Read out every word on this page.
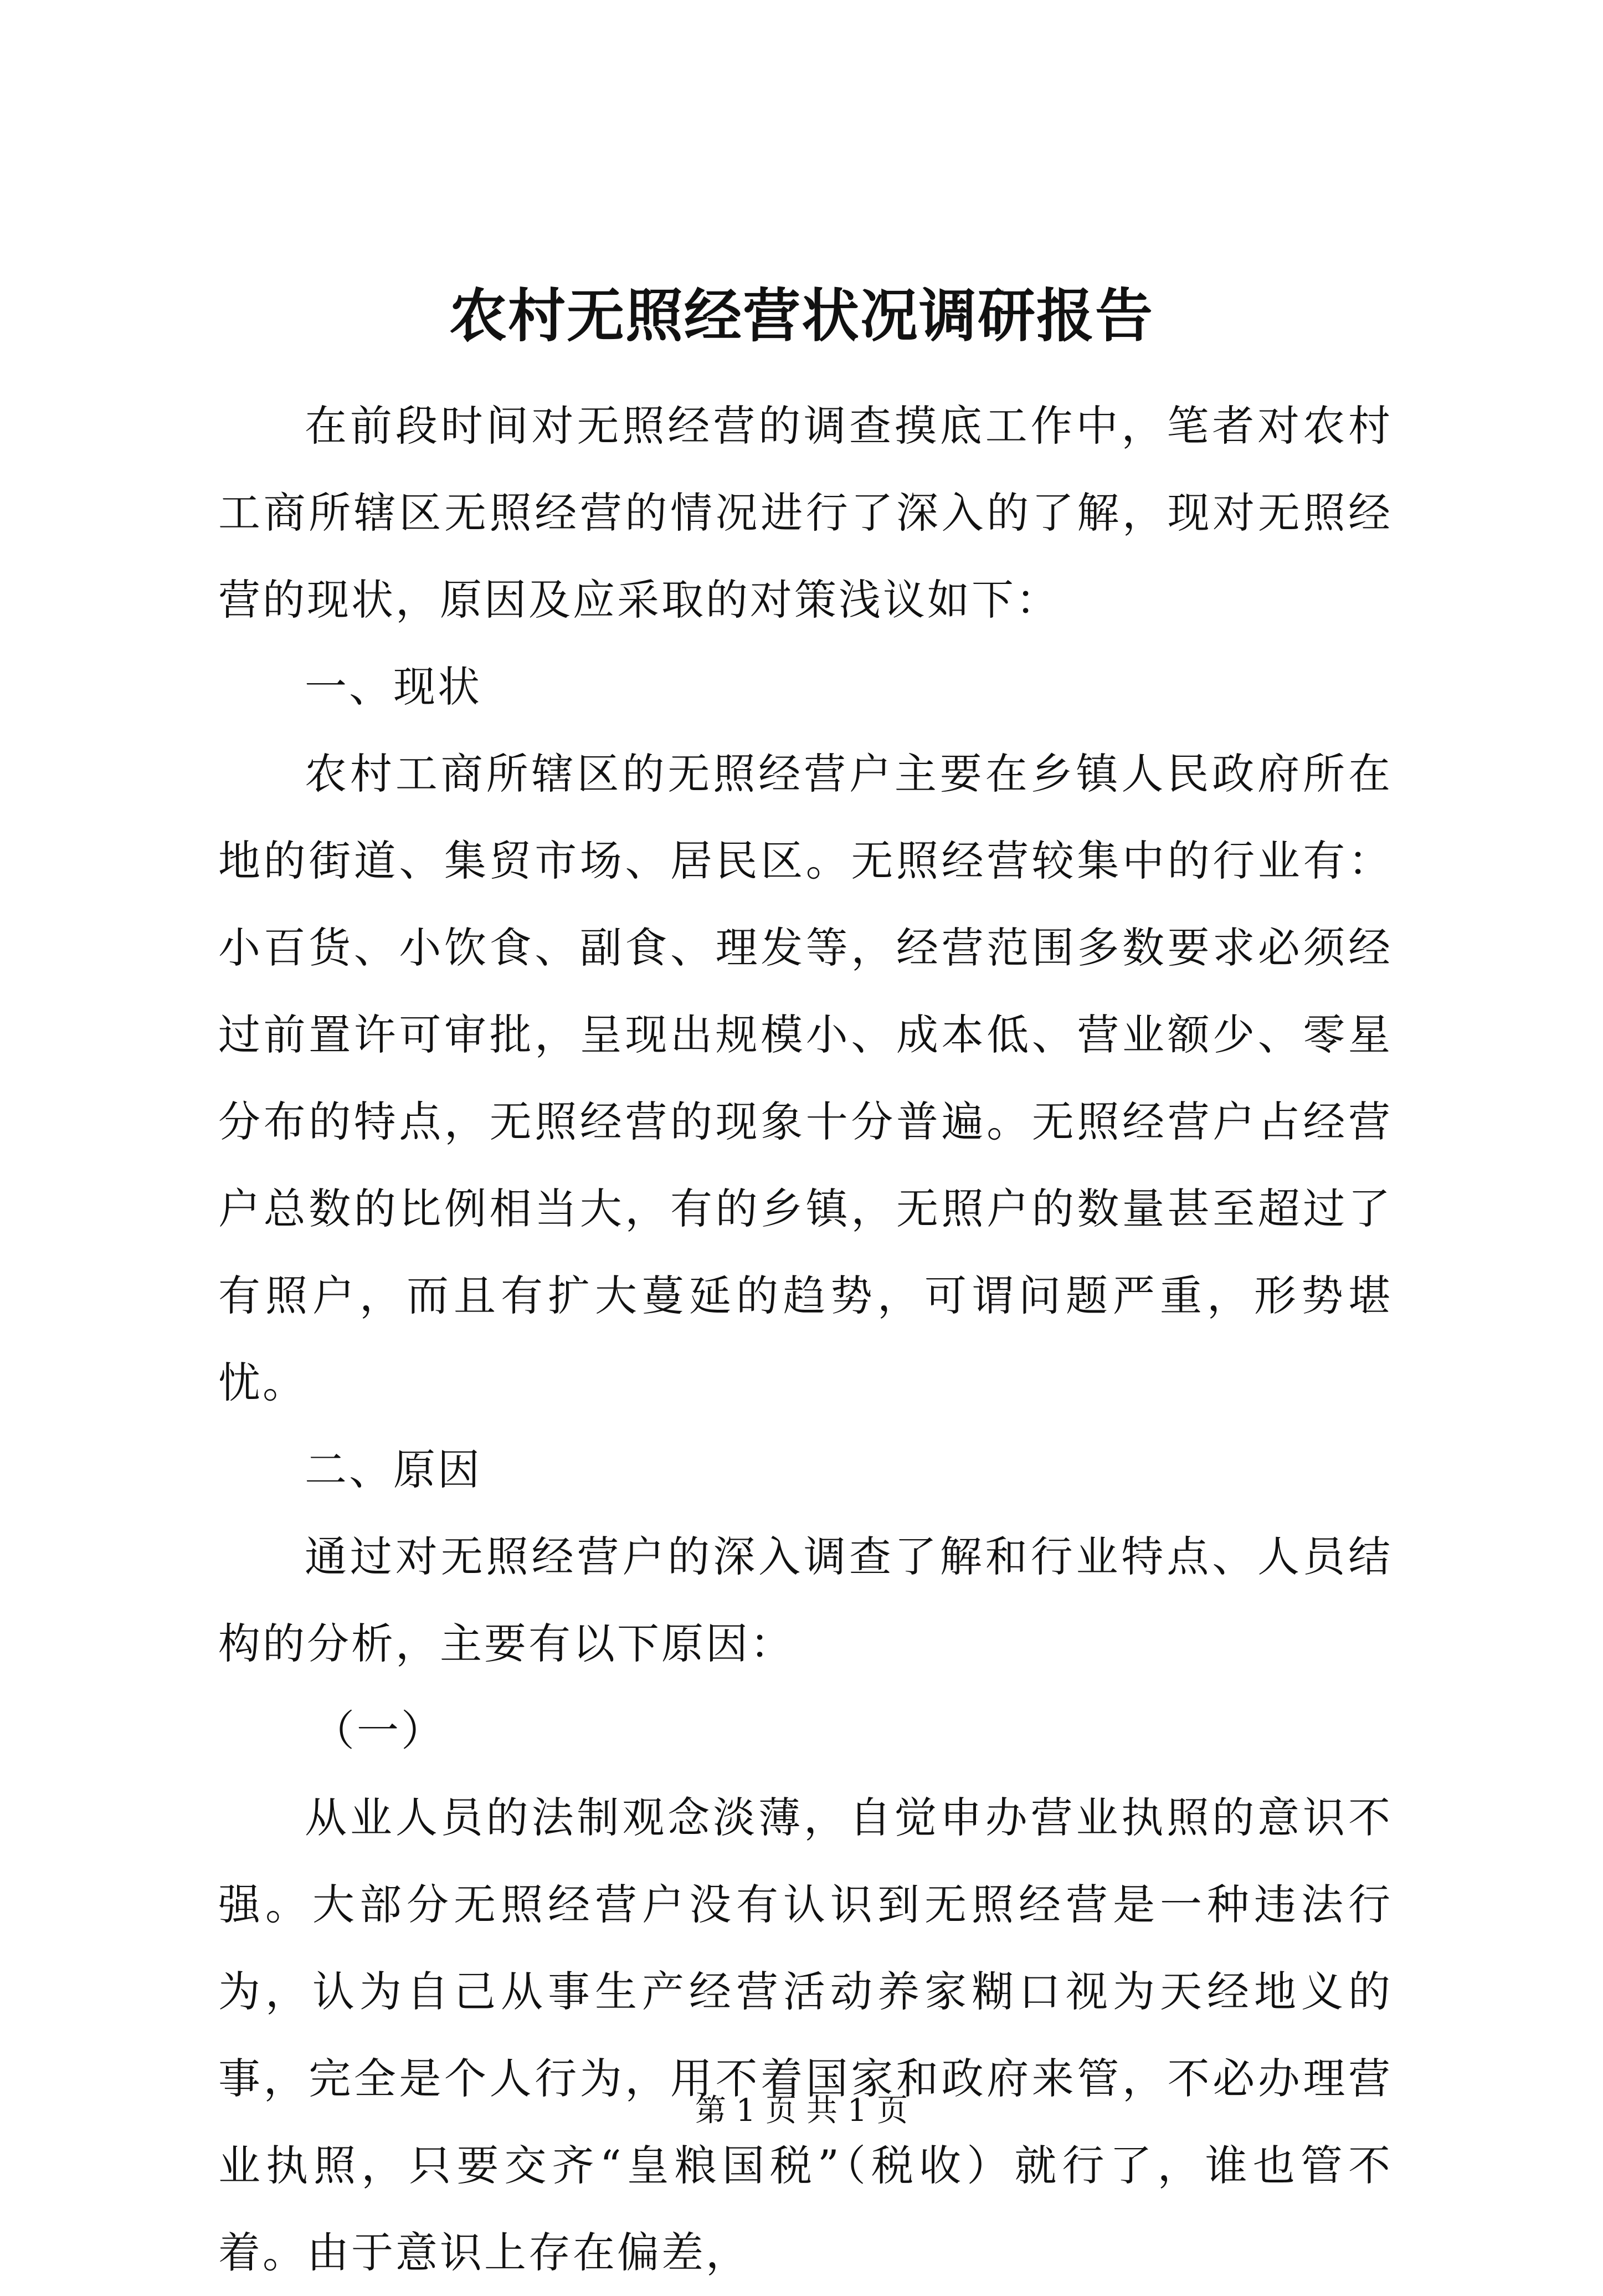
农村无照经营状况调研报告

在前段时间对无照经营的调查摸底工作中，笔者对农村工商所辖区无照经营的情况进行了深入的了解，现对无照经营的现状，原因及应采取的对策浅议如下：

一、现状

农村工商所辖区的无照经营户主要在乡镇人民政府所在地的街道、集贸市场、居民区。无照经营较集中的行业有：小百货、小饮食、副食、理发等，经营范围多数要求必须经过前置许可审批，呈现出规模小、成本低、营业额少、零星分布的特点，无照经营的现象十分普遍。无照经营户占经营户总数的比例相当大，有的乡镇，无照户的数量甚至超过了有照户，而且有扩大蔓延的趋势，可谓问题严重，形势堪忧。

二、原因

通过对无照经营户的深入调查了解和行业特点、人员结构的分析，主要有以下原因：

（一）

从业人员的法制观念淡薄，自觉申办营业执照的意识不强。大部分无照经营户没有认识到无照经营是一种违法行为，认为自己从事生产经营活动养家糊口视为天经地义的事，完全是个人行为，用不着国家和政府来管，不必办理营业执照，只要交齐“皇粮国税”（税收）就行了，谁也管不着。由于意识上存在偏差，

第 1 页 共 1 页
